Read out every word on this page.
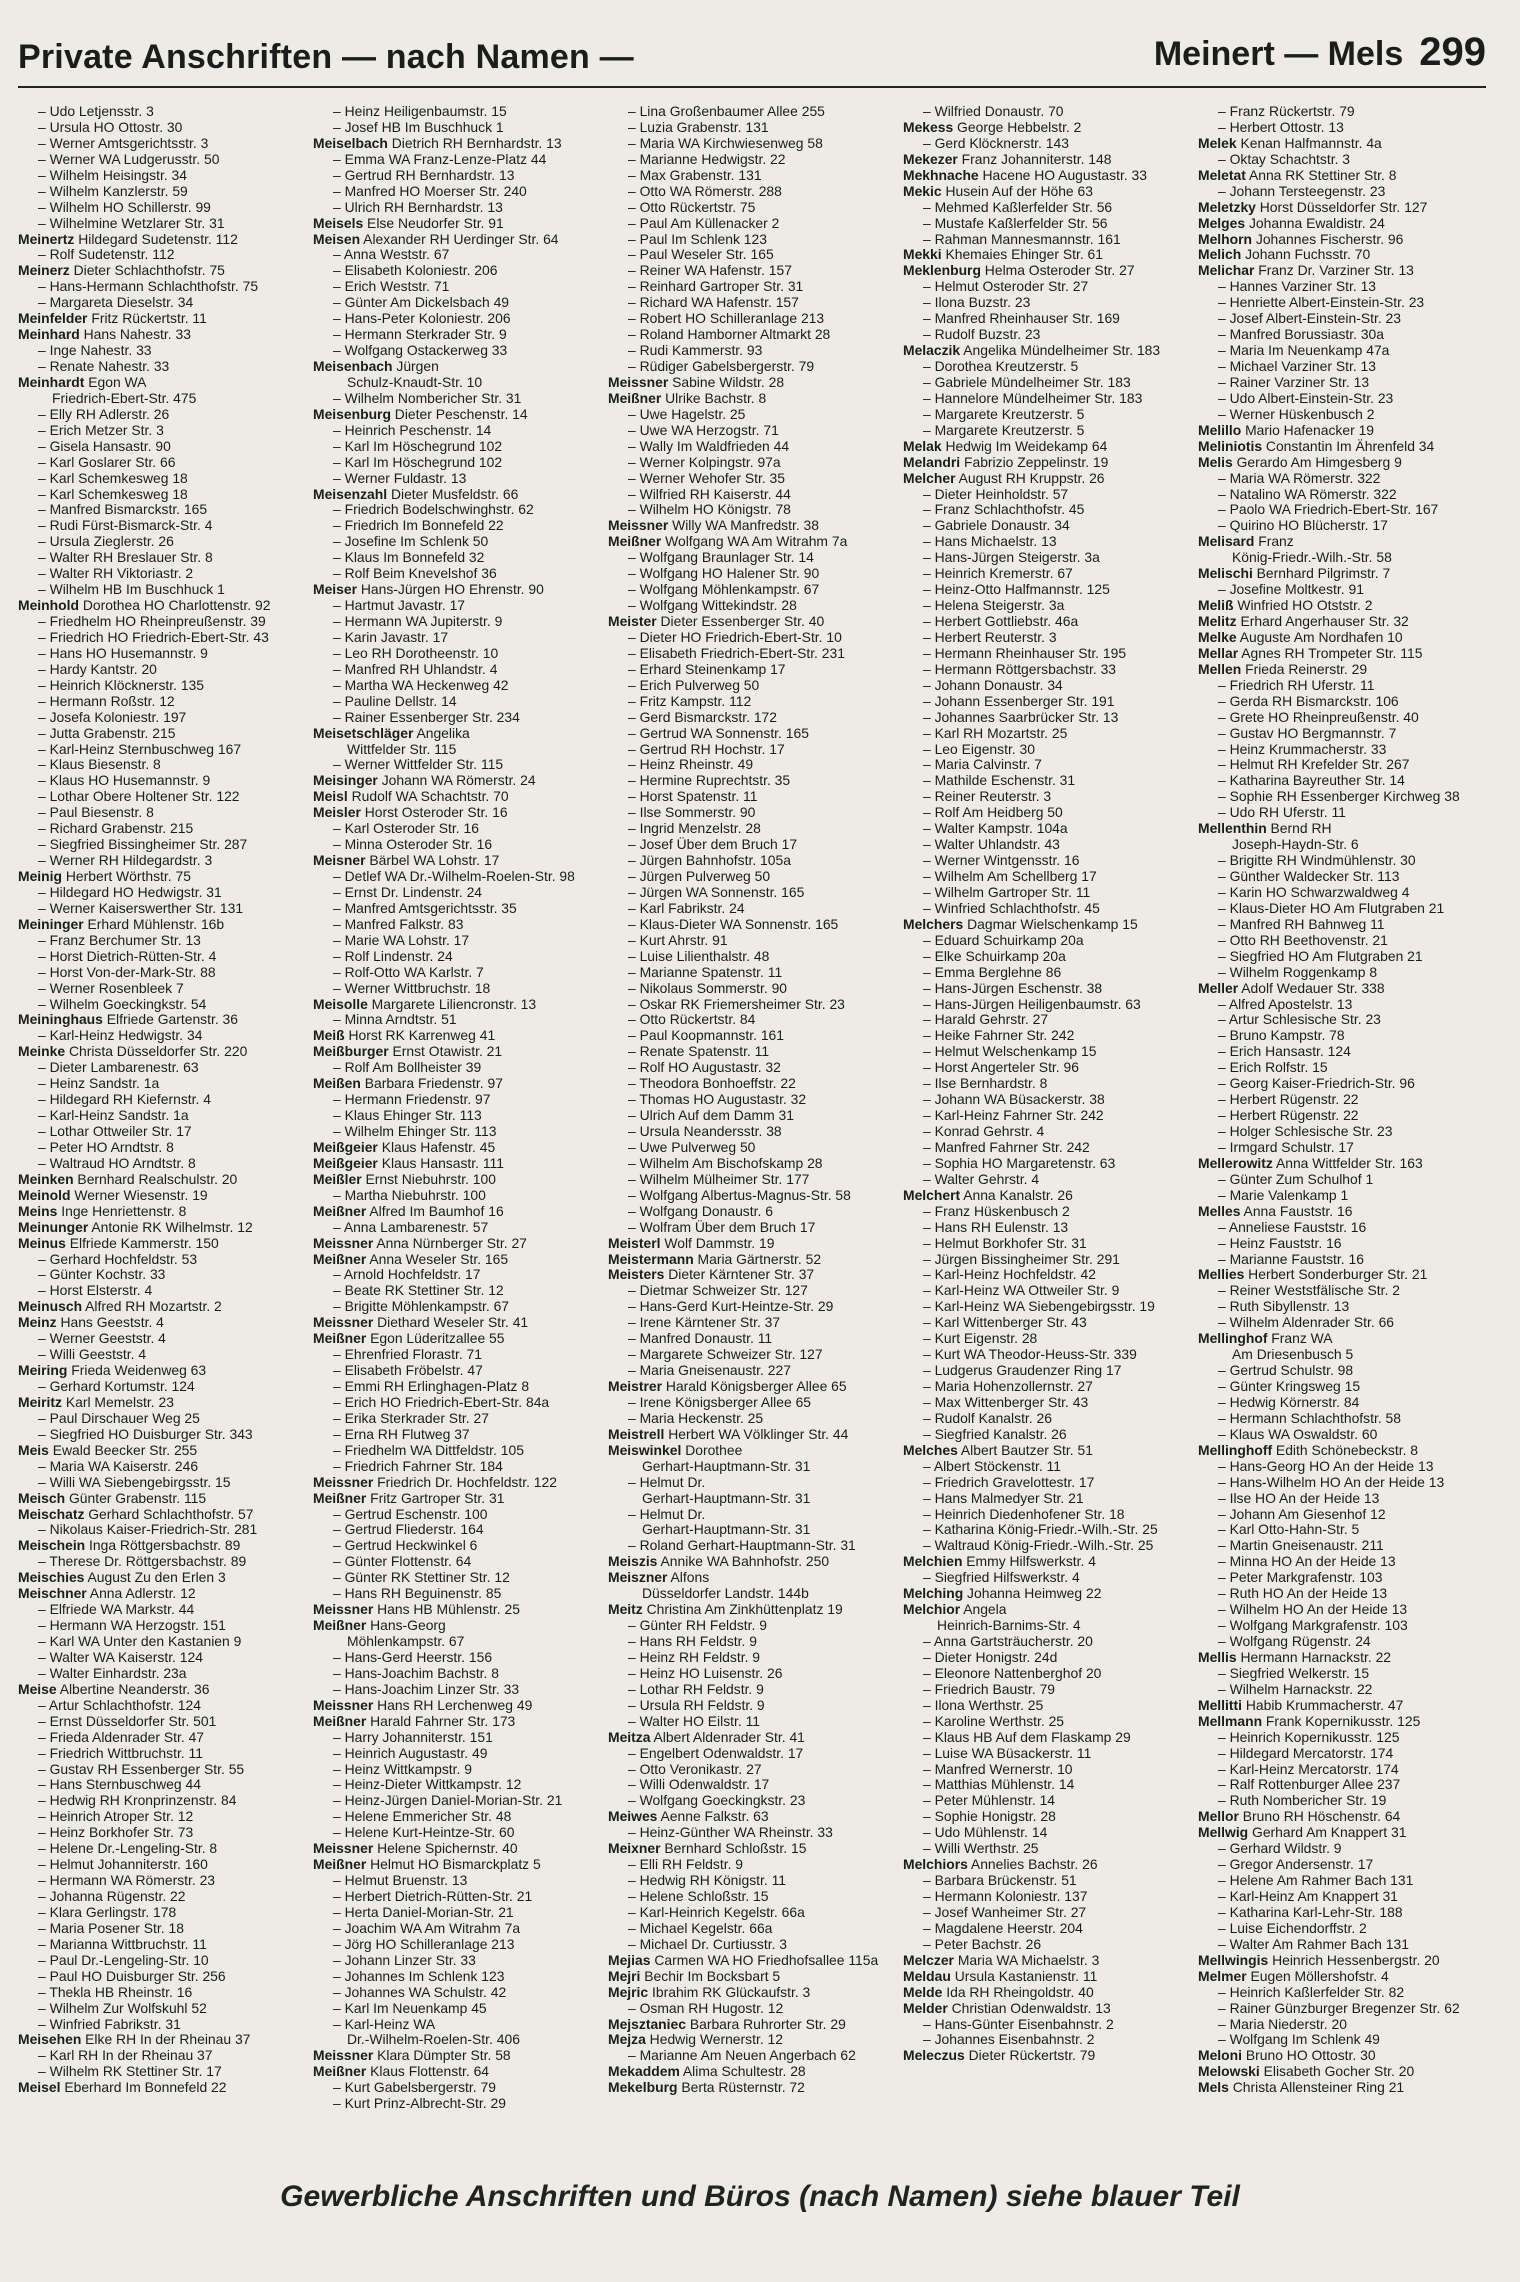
Private Anschriften — nach Namen —	Meinert — Mels 299
– Udo Letjensstr. 3
– Ursula HO Ottostr. 30
– Werner Amtsgerichtsstr. 3
– Werner WA Ludgerusstr. 50
– Wilhelm Heisingstr. 34
– Wilhelm Kanzlerstr. 59
– Wilhelm HO Schillerstr. 99
– Wilhelmine Wetzlarer Str. 31
Meinertz Hildegard Sudetenstr. 112
– Rolf Sudetenstr. 112
Meinerz Dieter Schlachthofstr. 75
– Hans-Hermann Schlachthofstr. 75
– Margareta Dieselstr. 34
Meinfelder Fritz Rückertstr. 11
Meinhard Hans Nahestr. 33
– Inge Nahestr. 33
– Renate Nahestr. 33
Meinhardt Egon WA
Friedrich-Ebert-Str. 475
– Elly RH Adlerstr. 26
– Erich Metzer Str. 3
– Gisela Hansastr. 90
– Karl Goslarer Str. 66
– Karl Schemkesweg 18
– Karl Schemkesweg 18
– Manfred Bismarckstr. 165
– Rudi Fürst-Bismarck-Str. 4
– Ursula Zieglerstr. 26
– Walter RH Breslauer Str. 8
– Walter RH Viktoriastr. 2
– Wilhelm HB Im Buschhuck 1
Meinhold Dorothea HO Charlottenstr. 92
– Friedhelm HO Rheinpreußenstr. 39
– Friedrich HO Friedrich-Ebert-Str. 43
– Hans HO Husemannstr. 9
– Hardy Kantstr. 20
– Heinrich Klöcknerstr. 135
– Hermann Roßstr. 12
– Josefa Koloniestr. 197
– Jutta Grabenstr. 215
– Karl-Heinz Sternbuschweg 167
– Klaus Biesenstr. 8
– Klaus HO Husemannstr. 9
– Lothar Obere Holtener Str. 122
– Paul Biesenstr. 8
– Richard Grabenstr. 215
– Siegfried Bissingheimer Str. 287
– Werner RH Hildegardstr. 3
Meinig Herbert Wörthstr. 75
– Hildegard HO Hedwigstr. 31
– Werner Kaiserswerther Str. 131
Meininger Erhard Mühlenstr. 16b
– Franz Berchumer Str. 13
– Horst Dietrich-Rütten-Str. 4
– Horst Von-der-Mark-Str. 88
– Werner Rosenbleek 7
– Wilhelm Goeckingkstr. 54
Meininghaus Elfriede Gartenstr. 36
– Karl-Heinz Hedwigstr. 34
Meinke Christa Düsseldorfer Str. 220
– Dieter Lambarenestr. 63
– Heinz Sandstr. 1a
– Hildegard RH Kiefernstr. 4
– Karl-Heinz Sandstr. 1a
– Lothar Ottweiler Str. 17
– Peter HO Arndtstr. 8
– Waltraud HO Arndtstr. 8
Meinken Bernhard Realschulstr. 20
Meinold Werner Wiesenstr. 19
Meins Inge Henriettenstr. 8
Meinunger Antonie RK Wilhelmstr. 12
Meinus Elfriede Kammerstr. 150
– Gerhard Hochfeldstr. 53
– Günter Kochstr. 33
– Horst Elsterstr. 4
Meinusch Alfred RH Mozartstr. 2
Meinz Hans Geeststr. 4
– Werner Geeststr. 4
– Willi Geeststr. 4
Meiring Frieda Weidenweg 63
– Gerhard Kortumstr. 124
Meiritz Karl Memelstr. 23
– Paul Dirschauer Weg 25
– Siegfried HO Duisburger Str. 343
Meis Ewald Beecker Str. 255
– Maria WA Kaiserstr. 246
– Willi WA Siebengebirgsstr. 15
Meisch Günter Grabenstr. 115
Meischatz Gerhard Schlachthofstr. 57
– Nikolaus Kaiser-Friedrich-Str. 281
Meischein Inga Röttgersbachstr. 89
– Therese Dr. Röttgersbachstr. 89
Meischies August Zu den Erlen 3
Meischner Anna Adlerstr. 12
– Elfriede WA Markstr. 44
– Hermann WA Herzogstr. 151
– Karl WA Unter den Kastanien 9
– Walter WA Kaiserstr. 124
– Walter Einhardstr. 23a
Meise Albertine Neanderstr. 36
– Artur Schlachthofstr. 124
– Ernst Düsseldorfer Str. 501
– Frieda Aldenrader Str. 47
– Friedrich Wittbruchstr. 11
– Gustav RH Essenberger Str. 55
– Hans Sternbuschweg 44
– Hedwig RH Kronprinzenstr. 84
– Heinrich Atroper Str. 12
– Heinz Borkhofer Str. 73
– Helene Dr.-Lengeling-Str. 8
– Helmut Johanniterstr. 160
– Hermann WA Römerstr. 23
– Johanna Rügenstr. 22
– Klara Gerlingstr. 178
– Maria Posener Str. 18
– Marianna Wittbruchstr. 11
– Paul Dr.-Lengeling-Str. 10
– Paul HO Duisburger Str. 256
– Thekla HB Rheinstr. 16
– Wilhelm Zur Wolfskuhl 52
– Winfried Fabrikstr. 31
Meisehen Elke RH In der Rheinau 37
– Karl RH In der Rheinau 37
– Wilhelm RK Stettiner Str. 17
Meisel Eberhard Im Bonnefeld 22
– Heinz Heiligenbaumstr. 15
– Josef HB Im Buschhuck 1
Meiselbach Dietrich RH Bernhardstr. 13
– Emma WA Franz-Lenze-Platz 44
– Gertrud RH Bernhardstr. 13
– Manfred HO Moerser Str. 240
– Ulrich RH Bernhardstr. 13
Meisels Else Neudorfer Str. 91
Meisen Alexander RH Uerdinger Str. 64
– Anna Weststr. 67
– Elisabeth Koloniestr. 206
– Erich Weststr. 71
– Günter Am Dickelsbach 49
– Hans-Peter Koloniestr. 206
– Hermann Sterkrader Str. 9
– Wolfgang Ostackerweg 33
Meisenbach Jürgen
Schulz-Knaudt-Str. 10
– Wilhelm Nombericher Str. 31
Meisenburg Dieter Peschenstr. 14
– Heinrich Peschenstr. 14
– Karl Im Höschegrund 102
– Karl Im Höschegrund 102
– Werner Fuldastr. 13
Meisenzahl Dieter Musfeldstr. 66
– Friedrich Bodelschwinghstr. 62
– Friedrich Im Bonnefeld 22
– Josefine Im Schlenk 50
– Klaus Im Bonnefeld 32
– Rolf Beim Knevelshof 36
Meiser Hans-Jürgen HO Ehrenstr. 90
– Hartmut Javastr. 17
– Hermann WA Jupiterstr. 9
– Karin Javastr. 17
– Leo RH Dorotheenstr. 10
– Manfred RH Uhlandstr. 4
– Martha WA Heckenweg 42
– Pauline Dellstr. 14
– Rainer Essenberger Str. 234
Meisetschläger Angelika
Wittfelder Str. 115
– Werner Wittfelder Str. 115
Meisinger Johann WA Römerstr. 24
Meisl Rudolf WA Schachtstr. 70
Meisler Horst Osteroder Str. 16
– Karl Osteroder Str. 16
– Minna Osteroder Str. 16
Meisner Bärbel WA Lohstr. 17
– Detlef WA Dr.-Wilhelm-Roelen-Str. 98
– Ernst Dr. Lindenstr. 24
– Manfred Amtsgerichtsstr. 35
– Manfred Falkstr. 83
– Marie WA Lohstr. 17
– Rolf Lindenstr. 24
– Rolf-Otto WA Karlstr. 7
– Werner Wittbruchstr. 18
Meisolle Margarete Liliencronstr. 13
– Minna Arndtstr. 51
Meiß Horst RK Karrenweg 41
Meißburger Ernst Otawistr. 21
– Rolf Am Bollheister 39
Meißen Barbara Friedenstr. 97
– Hermann Friedenstr. 97
– Klaus Ehinger Str. 113
– Wilhelm Ehinger Str. 113
Meißgeier Klaus Hafenstr. 45
Meißgeier Klaus Hansastr. 111
Meißler Ernst Niebuhrstr. 100
– Martha Niebuhrstr. 100
Meißner Alfred Im Baumhof 16
– Anna Lambarenestr. 57
Meissner Anna Nürnberger Str. 27
Meißner Anna Weseler Str. 165
– Arnold Hochfeldstr. 17
– Beate RK Stettiner Str. 12
– Brigitte Möhlenkampstr. 67
Meissner Diethard Weseler Str. 41
Meißner Egon Lüderitzallee 55
– Ehrenfried Florastr. 71
– Elisabeth Fröbelstr. 47
– Emmi RH Erlinghagen-Platz 8
– Erich HO Friedrich-Ebert-Str. 84a
– Erika Sterkrader Str. 27
– Erna RH Flutweg 37
– Friedhelm WA Dittfeldstr. 105
– Friedrich Fahrner Str. 184
Meissner Friedrich Dr. Hochfeldstr. 122
Meißner Fritz Gartroper Str. 31
– Gertrud Eschenstr. 100
– Gertrud Fliederstr. 164
– Gertrud Heckwinkel 6
– Günter Flottenstr. 64
– Günter RK Stettiner Str. 12
– Hans RH Beguinenstr. 85
Meissner Hans HB Mühlenstr. 25
Meißner Hans-Georg
Möhlenkampstr. 67
– Hans-Gerd Heerstr. 156
– Hans-Joachim Bachstr. 8
– Hans-Joachim Linzer Str. 33
Meissner Hans RH Lerchenweg 49
Meißner Harald Fahrner Str. 173
– Harry Johanniterstr. 151
– Heinrich Augustastr. 49
– Heinz Wittkampstr. 9
– Heinz-Dieter Wittkampstr. 12
– Heinz-Jürgen Daniel-Morian-Str. 21
– Helene Emmericher Str. 48
– Helene Kurt-Heintze-Str. 60
Meissner Helene Spichernstr. 40
Meißner Helmut HO Bismarckplatz 5
– Helmut Bruenstr. 13
– Herbert Dietrich-Rütten-Str. 21
– Herta Daniel-Morian-Str. 21
– Joachim WA Am Witrahm 7a
– Jörg HO Schilleranlage 213
– Johann Linzer Str. 33
– Johannes Im Schlenk 123
– Johannes WA Schulstr. 42
– Karl Im Neuenkamp 45
– Karl-Heinz WA
Dr.-Wilhelm-Roelen-Str. 406
Meissner Klara Dümpter Str. 58
Meißner Klaus Flottenstr. 64
– Kurt Gabelsbergerstr. 79
– Kurt Prinz-Albrecht-Str. 29
– Lina Großenbaumer Allee 255
– Luzia Grabenstr. 131
– Maria WA Kirchwiesenweg 58
– Marianne Hedwigstr. 22
– Max Grabenstr. 131
– Otto WA Römerstr. 288
– Otto Rückertstr. 75
– Paul Am Küllenacker 2
– Paul Im Schlenk 123
– Paul Weseler Str. 165
– Reiner WA Hafenstr. 157
– Reinhard Gartroper Str. 31
– Richard WA Hafenstr. 157
– Robert HO Schilleranlage 213
– Roland Hamborner Altmarkt 28
– Rudi Kammerstr. 93
– Rüdiger Gabelsbergerstr. 79
Meissner Sabine Wildstr. 28
Meißner Ulrike Bachstr. 8
– Uwe Hagelstr. 25
– Uwe WA Herzogstr. 71
– Wally Im Waldfrieden 44
– Werner Kolpingstr. 97a
– Werner Wehofer Str. 35
– Wilfried RH Kaiserstr. 44
– Wilhelm HO Königstr. 78
Meissner Willy WA Manfredstr. 38
Meißner Wolfgang WA Am Witrahm 7a
– Wolfgang Braunlager Str. 14
– Wolfgang HO Halener Str. 90
– Wolfgang Möhlenkampstr. 67
– Wolfgang Wittekindstr. 28
Meister Dieter Essenberger Str. 40
– Dieter HO Friedrich-Ebert-Str. 10
– Elisabeth Friedrich-Ebert-Str. 231
– Erhard Steinenkamp 17
– Erich Pulverweg 50
– Fritz Kampstr. 112
– Gerd Bismarckstr. 172
– Gertrud WA Sonnenstr. 165
– Gertrud RH Hochstr. 17
– Heinz Rheinstr. 49
– Hermine Ruprechtstr. 35
– Horst Spatenstr. 11
– Ilse Sommerstr. 90
– Ingrid Menzelstr. 28
– Josef Über dem Bruch 17
– Jürgen Bahnhofstr. 105a
– Jürgen Pulverweg 50
– Jürgen WA Sonnenstr. 165
– Karl Fabrikstr. 24
– Klaus-Dieter WA Sonnenstr. 165
– Kurt Ahrstr. 91
– Luise Lilienthalstr. 48
– Marianne Spatenstr. 11
– Nikolaus Sommerstr. 90
– Oskar RK Friemersheimer Str. 23
– Otto Rückertstr. 84
– Paul Koopmannstr. 161
– Renate Spatenstr. 11
– Rolf HO Augustastr. 32
– Theodora Bonhoeffstr. 22
– Thomas HO Augustastr. 32
– Ulrich Auf dem Damm 31
– Ursula Neandersstr. 38
– Uwe Pulverweg 50
– Wilhelm Am Bischofskamp 28
– Wilhelm Mülheimer Str. 177
– Wolfgang Albertus-Magnus-Str. 58
– Wolfgang Donaustr. 6
– Wolfram Über dem Bruch 17
Meisterl Wolf Dammstr. 19
Meistermann Maria Gärtnerstr. 52
Meisters Dieter Kärntener Str. 37
– Dietmar Schweizer Str. 127
– Hans-Gerd Kurt-Heintze-Str. 29
– Irene Kärntener Str. 37
– Manfred Donaustr. 11
– Margarete Schweizer Str. 127
– Maria Gneisenaustr. 227
Meistrer Harald Königsberger Allee 65
– Irene Königsberger Allee 65
– Maria Heckenstr. 25
Meistrell Herbert WA Völklinger Str. 44
Meiswinkel Dorothee
Gerhart-Hauptmann-Str. 31
– Helmut Dr.
Gerhart-Hauptmann-Str. 31
– Helmut Dr.
Gerhart-Hauptmann-Str. 31
– Roland Gerhart-Hauptmann-Str. 31
Meiszis Annike WA Bahnhofstr. 250
Meiszner Alfons
Düsseldorfer Landstr. 144b
Meitz Christina Am Zinkhüttenplatz 19
– Günter RH Feldstr. 9
– Hans RH Feldstr. 9
– Heinz RH Feldstr. 9
– Heinz HO Luisenstr. 26
– Lothar RH Feldstr. 9
– Ursula RH Feldstr. 9
– Walter HO Eilstr. 11
Meitza Albert Aldenrader Str. 41
– Engelbert Odenwaldstr. 17
– Otto Veronikastr. 27
– Willi Odenwaldstr. 17
– Wolfgang Goeckingkstr. 23
Meiwes Aenne Falkstr. 63
– Heinz-Günther WA Rheinstr. 33
Meixner Bernhard Schloßstr. 15
– Elli RH Feldstr. 9
– Hedwig RH Königstr. 11
– Helene Schloßstr. 15
– Karl-Heinrich Kegelstr. 66a
– Michael Kegelstr. 66a
– Michael Dr. Curtiusstr. 3
Mejias Carmen WA HO Friedhofsallee 115a
Mejri Bechir Im Bocksbart 5
Mejric Ibrahim RK Glückaufstr. 3
– Osman RH Hugostr. 12
Mejsztaniec Barbara Ruhrorter Str. 29
Mejza Hedwig Wernerstr. 12
– Marianne Am Neuen Angerbach 62
Mekaddem Alima Schultestr. 28
Mekelburg Berta Rüsternstr. 72
– Wilfried Donaustr. 70
Mekess George Hebbelstr. 2
– Gerd Klöcknerstr. 143
Mekezer Franz Johanniterstr. 148
Mekhnache Hacene HO Augustastr. 33
Mekic Husein Auf der Höhe 63
– Mehmed Kaßlerfelder Str. 56
– Mustafe Kaßlerfelder Str. 56
– Rahman Mannesmannstr. 161
Mekki Khemaies Ehinger Str. 61
Meklenburg Helma Osteroder Str. 27
– Helmut Osteroder Str. 27
– Ilona Buzstr. 23
– Manfred Rheinhauser Str. 169
– Rudolf Buzstr. 23
Melaczik Angelika Mündelheimer Str. 183
– Dorothea Kreutzerstr. 5
– Gabriele Mündelheimer Str. 183
– Hannelore Mündelheimer Str. 183
– Margarete Kreutzerstr. 5
– Margarete Kreutzerstr. 5
Melak Hedwig Im Weidekamp 64
Melandri Fabrizio Zeppelinstr. 19
Melcher August RH Kruppstr. 26
– Dieter Heinholdstr. 57
– Franz Schlachthofstr. 45
– Gabriele Donaustr. 34
– Hans Michaelstr. 13
– Hans-Jürgen Steigerstr. 3a
– Heinrich Kremerstr. 67
– Heinz-Otto Halfmannstr. 125
– Helena Steigerstr. 3a
– Herbert Gottliebstr. 46a
– Herbert Reuterstr. 3
– Hermann Rheinhauser Str. 195
– Hermann Röttgersbachstr. 33
– Johann Donaustr. 34
– Johann Essenberger Str. 191
– Johannes Saarbrücker Str. 13
– Karl RH Mozartstr. 25
– Leo Eigenstr. 30
– Maria Calvinstr. 7
– Mathilde Eschenstr. 31
– Reiner Reuterstr. 3
– Rolf Am Heidberg 50
– Walter Kampstr. 104a
– Walter Uhlandstr. 43
– Werner Wintgensstr. 16
– Wilhelm Am Schellberg 17
– Wilhelm Gartroper Str. 11
– Winfried Schlachthofstr. 45
Melchers Dagmar Wielschenkamp 15
– Eduard Schuirkamp 20a
– Elke Schuirkamp 20a
– Emma Berglehne 86
– Hans-Jürgen Eschenstr. 38
– Hans-Jürgen Heiligenbaumstr. 63
– Harald Gehrstr. 27
– Heike Fahrner Str. 242
– Helmut Welschenkamp 15
– Horst Angerteler Str. 96
– Ilse Bernhardstr. 8
– Johann WA Büsackerstr. 38
– Karl-Heinz Fahrner Str. 242
– Konrad Gehrstr. 4
– Manfred Fahrner Str. 242
– Sophia HO Margaretenstr. 63
– Walter Gehrstr. 4
Melchert Anna Kanalstr. 26
– Franz Hüskenbusch 2
– Hans RH Eulenstr. 13
– Helmut Borkhofer Str. 31
– Jürgen Bissingheimer Str. 291
– Karl-Heinz Hochfeldstr. 42
– Karl-Heinz WA Ottweiler Str. 9
– Karl-Heinz WA Siebengebirgsstr. 19
– Karl Wittenberger Str. 43
– Kurt Eigenstr. 28
– Kurt WA Theodor-Heuss-Str. 339
– Ludgerus Graudenzer Ring 17
– Maria Hohenzollernstr. 27
– Max Wittenberger Str. 43
– Rudolf Kanalstr. 26
– Siegfried Kanalstr. 26
Melches Albert Bautzer Str. 51
– Albert Stöckenstr. 11
– Friedrich Gravelottestr. 17
– Hans Malmedyer Str. 21
– Heinrich Diedenhofener Str. 18
– Katharina König-Friedr.-Wilh.-Str. 25
– Waltraud König-Friedr.-Wilh.-Str. 25
Melchien Emmy Hilfswerkstr. 4
– Siegfried Hilfswerkstr. 4
Melching Johanna Heimweg 22
Melchior Angela
Heinrich-Barnims-Str. 4
– Anna Gartsträucherstr. 20
– Dieter Honigstr. 24d
– Eleonore Nattenberghof 20
– Friedrich Baustr. 79
– Ilona Werthstr. 25
– Karoline Werthstr. 25
– Klaus HB Auf dem Flaskamp 29
– Luise WA Büsackerstr. 11
– Manfred Wernerstr. 10
– Matthias Mühlenstr. 14
– Peter Mühlenstr. 14
– Sophie Honigstr. 28
– Udo Mühlenstr. 14
– Willi Werthstr. 25
Melchiors Annelies Bachstr. 26
– Barbara Brückenstr. 51
– Hermann Koloniestr. 137
– Josef Wanheimer Str. 27
– Magdalene Heerstr. 204
– Peter Bachstr. 26
Melczer Maria WA Michaelstr. 3
Meldau Ursula Kastanienstr. 11
Melde Ida RH Rheingoldstr. 40
Melder Christian Odenwaldstr. 13
– Hans-Günter Eisenbahnstr. 2
– Johannes Eisenbahnstr. 2
Meleczus Dieter Rückertstr. 79
– Franz Rückertstr. 79
– Herbert Ottostr. 13
Melek Kenan Halfmannstr. 4a
– Oktay Schachtstr. 3
Meletat Anna RK Stettiner Str. 8
– Johann Tersteegenstr. 23
Meletzky Horst Düsseldorfer Str. 127
Melges Johanna Ewaldistr. 24
Melhorn Johannes Fischerstr. 96
Melich Johann Fuchsstr. 70
Melichar Franz Dr. Varziner Str. 13
– Hannes Varziner Str. 13
– Henriette Albert-Einstein-Str. 23
– Josef Albert-Einstein-Str. 23
– Manfred Borussiastr. 30a
– Maria Im Neuenkamp 47a
– Michael Varziner Str. 13
– Rainer Varziner Str. 13
– Udo Albert-Einstein-Str. 23
– Werner Hüskenbusch 2
Melillo Mario Hafenacker 19
Meliniotis Constantin Im Ährenfeld 34
Melis Gerardo Am Himgesberg 9
– Maria WA Römerstr. 322
– Natalino WA Römerstr. 322
– Paolo WA Friedrich-Ebert-Str. 167
– Quirino HO Blücherstr. 17
Melisard Franz
König-Friedr.-Wilh.-Str. 58
Melischi Bernhard Pilgrimstr. 7
– Josefine Moltkestr. 91
Meliß Winfried HO Otststr. 2
Melitz Erhard Angerhauser Str. 32
Melke Auguste Am Nordhafen 10
Mellar Agnes RH Trompeter Str. 115
Mellen Frieda Reinerstr. 29
– Friedrich RH Uferstr. 11
– Gerda RH Bismarckstr. 106
– Grete HO Rheinpreußenstr. 40
– Gustav HO Bergmannstr. 7
– Heinz Krummacherstr. 33
– Helmut RH Krefelder Str. 267
– Katharina Bayreuther Str. 14
– Sophie RH Essenberger Kirchweg 38
– Udo RH Uferstr. 11
Mellenthin Bernd RH
Joseph-Haydn-Str. 6
– Brigitte RH Windmühlenstr. 30
– Günther Waldecker Str. 113
– Karin HO Schwarzwaldweg 4
– Klaus-Dieter HO Am Flutgraben 21
– Manfred RH Bahnweg 11
– Otto RH Beethovenstr. 21
– Siegfried HO Am Flutgraben 21
– Wilhelm Roggenkamp 8
Meller Adolf Wedauer Str. 338
– Alfred Apostelstr. 13
– Artur Schlesische Str. 23
– Bruno Kampstr. 78
– Erich Hansastr. 124
– Erich Rolfstr. 15
– Georg Kaiser-Friedrich-Str. 96
– Herbert Rügenstr. 22
– Herbert Rügenstr. 22
– Holger Schlesische Str. 23
– Irmgard Schulstr. 17
Mellerowitz Anna Wittfelder Str. 163
– Günter Zum Schulhof 1
– Marie Valenkamp 1
Melles Anna Fauststr. 16
– Anneliese Fauststr. 16
– Heinz Fauststr. 16
– Marianne Fauststr. 16
Mellies Herbert Sonderburger Str. 21
– Reiner Weststfälische Str. 2
– Ruth Sibyllenstr. 13
– Wilhelm Aldenrader Str. 66
Mellinghof Franz WA
Am Driesenbusch 5
– Gertrud Schulstr. 98
– Günter Kringsweg 15
– Hedwig Körnerstr. 84
– Hermann Schlachthofstr. 58
– Klaus WA Oswaldstr. 60
Mellinghoff Edith Schönebeckstr. 8
– Hans-Georg HO An der Heide 13
– Hans-Wilhelm HO An der Heide 13
– Ilse HO An der Heide 13
– Johann Am Giesenhof 12
– Karl Otto-Hahn-Str. 5
– Martin Gneisenaustr. 211
– Minna HO An der Heide 13
– Peter Markgrafenstr. 103
– Ruth HO An der Heide 13
– Wilhelm HO An der Heide 13
– Wolfgang Markgrafenstr. 103
– Wolfgang Rügenstr. 24
Mellis Hermann Harnackstr. 22
– Siegfried Welkerstr. 15
– Wilhelm Harnackstr. 22
Mellitti Habib Krummacherstr. 47
Mellmann Frank Kopernikusstr. 125
– Heinrich Kopernikusstr. 125
– Hildegard Mercatorstr. 174
– Karl-Heinz Mercatorstr. 174
– Ralf Rottenburger Allee 237
– Ruth Nombericher Str. 19
Mellor Bruno RH Höschenstr. 64
Mellwig Gerhard Am Knappert 31
– Gerhard Wildstr. 9
– Gregor Andersenstr. 17
– Helene Am Rahmer Bach 131
– Karl-Heinz Am Knappert 31
– Katharina Karl-Lehr-Str. 188
– Luise Eichendorffstr. 2
– Walter Am Rahmer Bach 131
Mellwingis Heinrich Hessenbergstr. 20
Melmer Eugen Möllershofstr. 4
– Heinrich Kaßlerfelder Str. 82
– Rainer Günzburger Bregenzer Str. 62
– Maria Niederstr. 20
– Wolfgang Im Schlenk 49
Meloni Bruno HO Ottostr. 30
Melowski Elisabeth Gocher Str. 20
Mels Christa Allensteiner Ring 21
Gewerbliche Anschriften und Büros (nach Namen) siehe blauer Teil
